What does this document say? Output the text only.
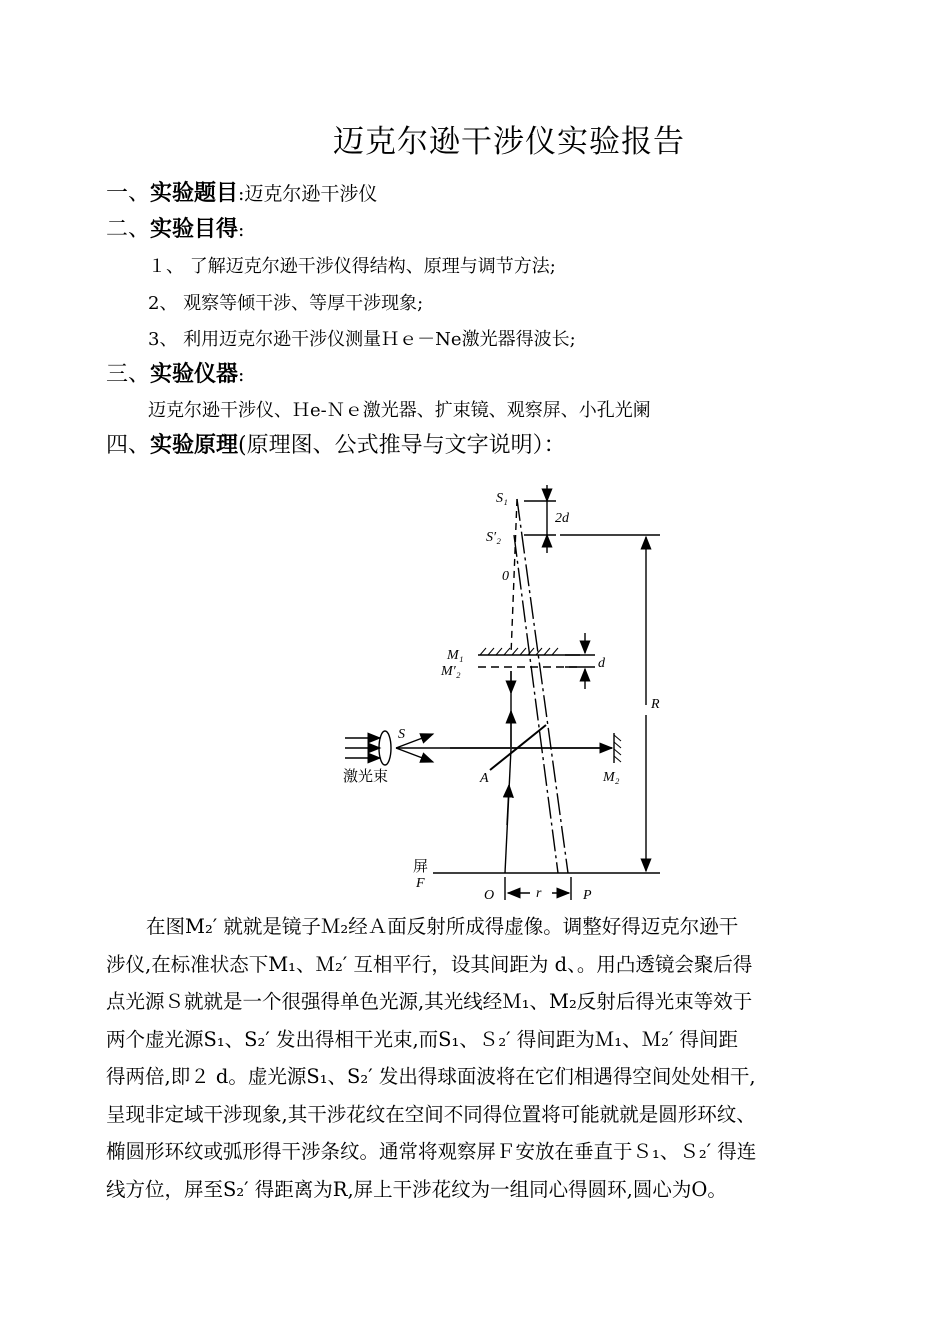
迈克尔逊干涉仪实验报告
一、实验题目:迈克尔逊干涉仪
二、实验目得:
１、 了解迈克尔逊干涉仪得结构、原理与调节方法;
2、 观察等倾干涉、等厚干涉现象;
3、 利用迈克尔逊干涉仪测量Ｈｅ－Ne激光器得波长;
三、实验仪器:
迈克尔逊干涉仪、Ｈe-Ｎｅ激光器、扩束镜、观察屏、小孔光阑
四、实验原理(原理图、公式推导与文字说明）：
S₁
2d
S′₂
0
M₁
M′₂
d
R
S
A	M₂
F
O	r	P
激光束
屏
在图M₂′ 就就是镜子Ｍ₂经Ａ面反射所成得虚像。调整好得迈克尔逊干
涉仪,在标准状态下M₁、Ｍ₂′ 互相平行，设其间距为 d、。用凸透镜会聚后得
点光源Ｓ就就是一个很强得单色光源,其光线经Ｍ₁、M₂反射后得光束等效于
两个虚光源S₁、S₂′ 发出得相干光束,而S₁、Ｓ₂′ 得间距为Ｍ₁、Ｍ₂′ 得间距
得两倍,即２ d。虚光源S₁、S₂′ 发出得球面波将在它们相遇得空间处处相干,
呈现非定域干涉现象,其干涉花纹在空间不同得位置将可能就就是圆形环纹、
椭圆形环纹或弧形得干涉条纹。通常将观察屏Ｆ安放在垂直于Ｓ₁、Ｓ₂′ 得连
线方位，屏至S₂′ 得距离为R,屏上干涉花纹为一组同心得圆环,圆心为O。
